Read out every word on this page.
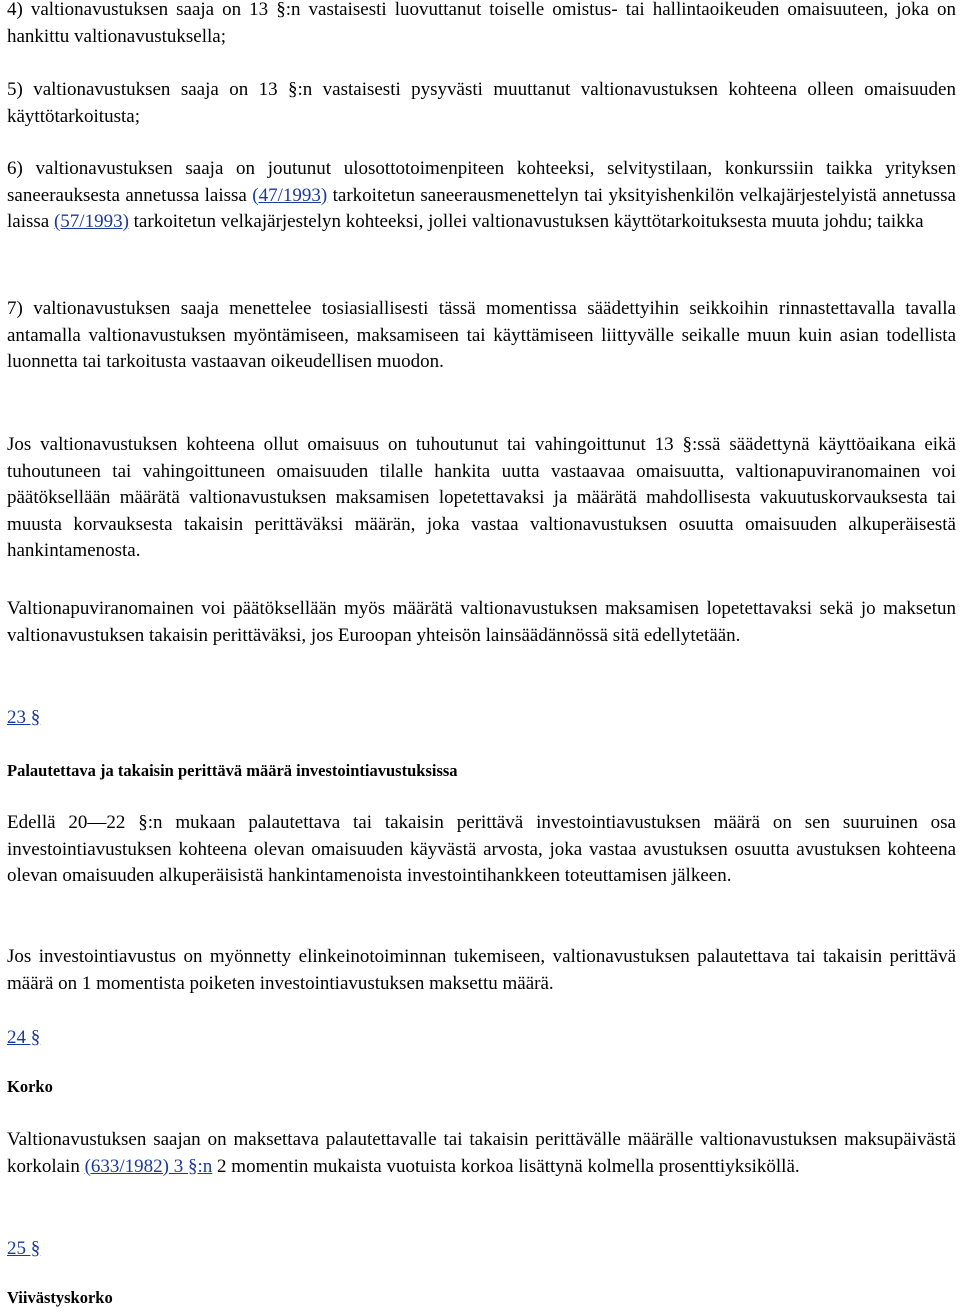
4) valtionavustuksen saaja on 13 §:n vastaisesti luovuttanut toiselle omistus- tai hallintaoikeuden omaisuuteen, joka on hankittu valtionavustuksella;

5) valtionavustuksen saaja on 13 §:n vastaisesti pysyvästi muuttanut valtionavustuksen kohteena olleen omaisuuden käyttötarkoitusta;

6) valtionavustuksen saaja on joutunut ulosottotoimenpiteen kohteeksi, selvitystilaan, konkurssiin taikka yrityksen saneerauksesta annetussa laissa (47/1993) tarkoitetun saneerausmenettelyn tai yksityishenkilön velkajärjestelyistä annetussa laissa (57/1993) tarkoitetun velkajärjestelyn kohteeksi, jollei valtionavustuksen käyttötarkoituksesta muuta johdu; taikka

7) valtionavustuksen saaja menettelee tosiasiallisesti tässä momentissa säädettyihin seikkoihin rinnastettavalla tavalla antamalla valtionavustuksen myöntämiseen, maksamiseen tai käyttämiseen liittyvälle seikalle muun kuin asian todellista luonnetta tai tarkoitusta vastaavan oikeudellisen muodon.

Jos valtionavustuksen kohteena ollut omaisuus on tuhoutunut tai vahingoittunut 13 §:ssä säädettynä käyttöaikana eikä tuhoutuneen tai vahingoittuneen omaisuuden tilalle hankita uutta vastaavaa omaisuutta, valtionapuviranomainen voi päätöksellään määrätä valtionavustuksen maksamisen lopetettavaksi ja määrätä mahdollisesta vakuutuskorvauksesta tai muusta korvauksesta takaisin perittäväksi määrän, joka vastaa valtionavustuksen osuutta omaisuuden alkuperäisestä hankintamenosta.

Valtionapuviranomainen voi päätöksellään myös määrätä valtionavustuksen maksamisen lopetettavaksi sekä jo maksetun valtionavustuksen takaisin perittäväksi, jos Euroopan yhteisön lainsäädännössä sitä edellytetään.

23 §

Palautettava ja takaisin perittävä määrä investointiavustuksissa

Edellä 20—22 §:n mukaan palautettava tai takaisin perittävä investointiavustuksen määrä on sen suuruinen osa investointiavustuksen kohteena olevan omaisuuden käyvästä arvosta, joka vastaa avustuksen osuutta avustuksen kohteena olevan omaisuuden alkuperäisistä hankintamenoista investointihankkeen toteuttamisen jälkeen.

Jos investointiavustus on myönnetty elinkeinotoiminnan tukemiseen, valtionavustuksen palautettava tai takaisin perittävä määrä on 1 momentista poiketen investointiavustuksen maksettu määrä.

24 §

Korko

Valtionavustuksen saajan on maksettava palautettavalle tai takaisin perittävälle määrälle valtionavustuksen maksupäivästä korkolain (633/1982) 3 §:n 2 momentin mukaista vuotuista korkoa lisättynä kolmella prosenttiyksiköllä.

25 §

Viivästyskorko
